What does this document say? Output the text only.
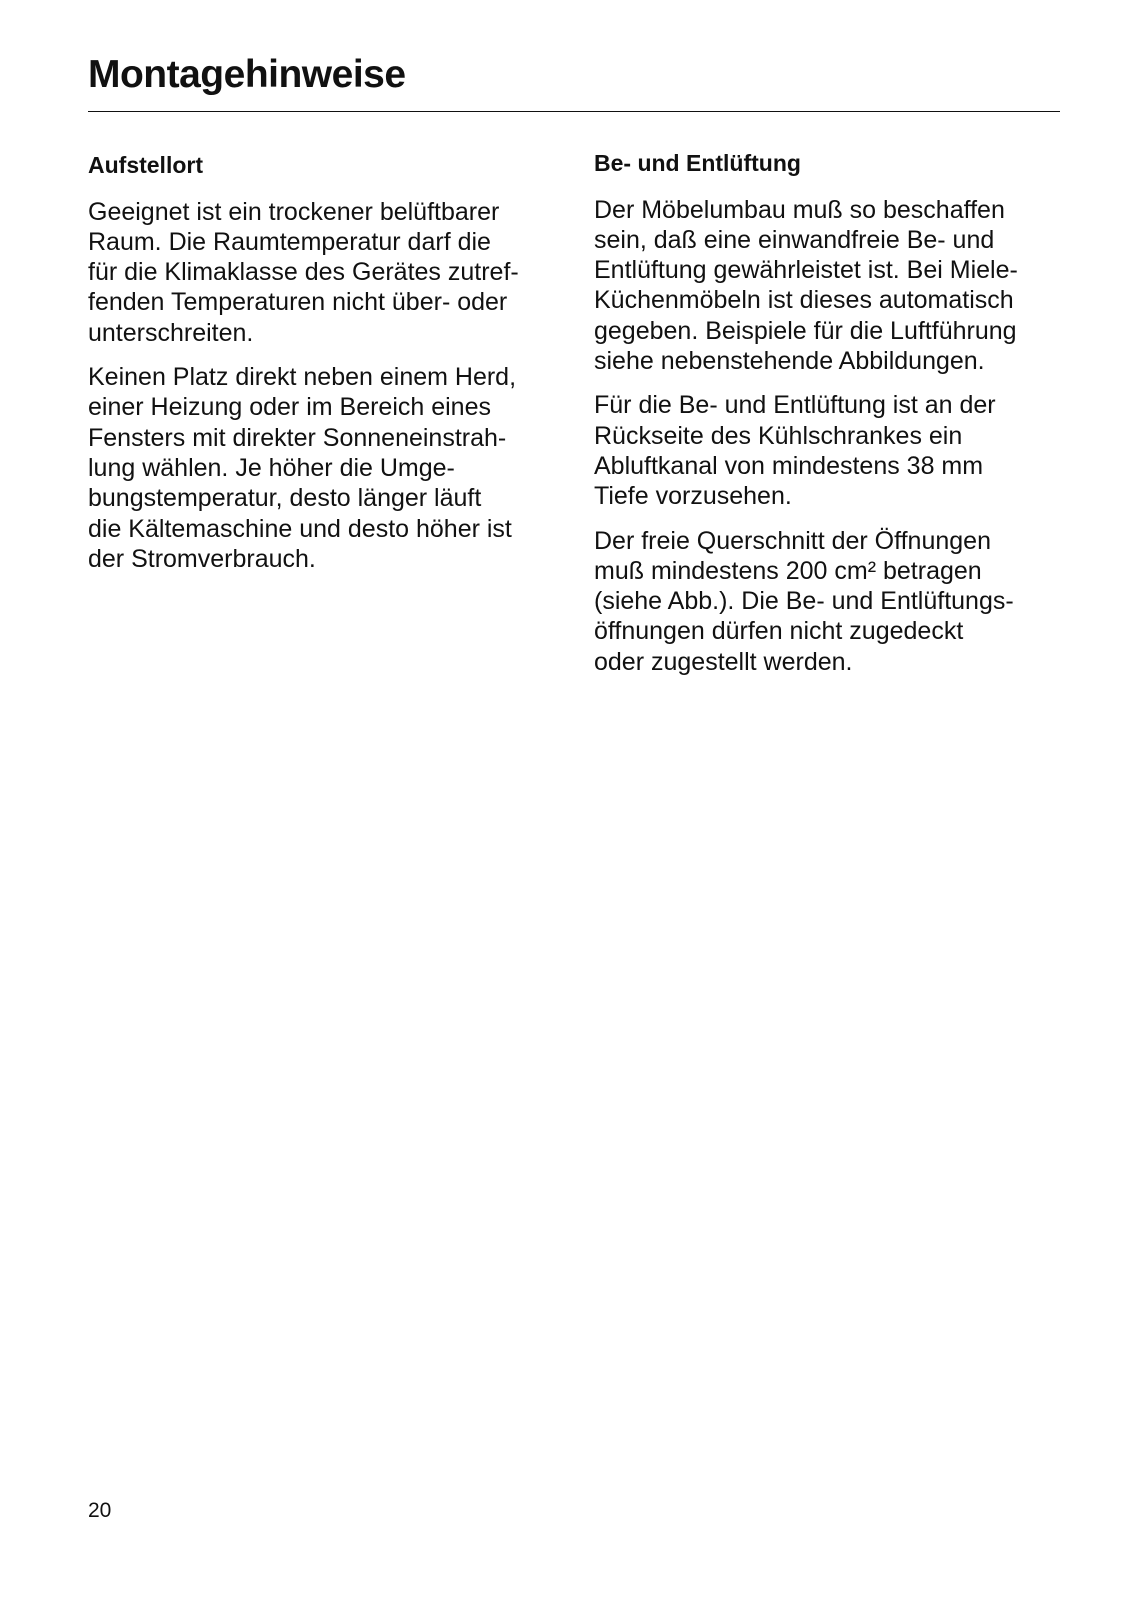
Montagehinweise
Aufstellort

Geeignet ist ein trockener belüftbarer
Raum. Die Raumtemperatur darf die
für die Klimaklasse des Gerätes zutref-
fenden Temperaturen nicht über- oder
unterschreiten.

Keinen Platz direkt neben einem Herd,
einer Heizung oder im Bereich eines
Fensters mit direkter Sonneneinstrah-
lung wählen. Je höher die Umge-
bungstemperatur, desto länger läuft
die Kältemaschine und desto höher ist
der Stromverbrauch.

Be- und Entlüftung

Der Möbelumbau muß so beschaffen
sein, daß eine einwandfreie Be- und
Entlüftung gewährleistet ist. Bei Miele-
Küchenmöbeln ist dieses automatisch
gegeben. Beispiele für die Luftführung
siehe nebenstehende Abbildungen.

Für die Be- und Entlüftung ist an der
Rückseite des Kühlschrankes ein
Abluftkanal von mindestens 38 mm
Tiefe vorzusehen.

Der freie Querschnitt der Öffnungen
muß mindestens 200 cm² betragen
(siehe Abb.). Die Be- und Entlüftungs-
öffnungen dürfen nicht zugedeckt
oder zugestellt werden.

20
